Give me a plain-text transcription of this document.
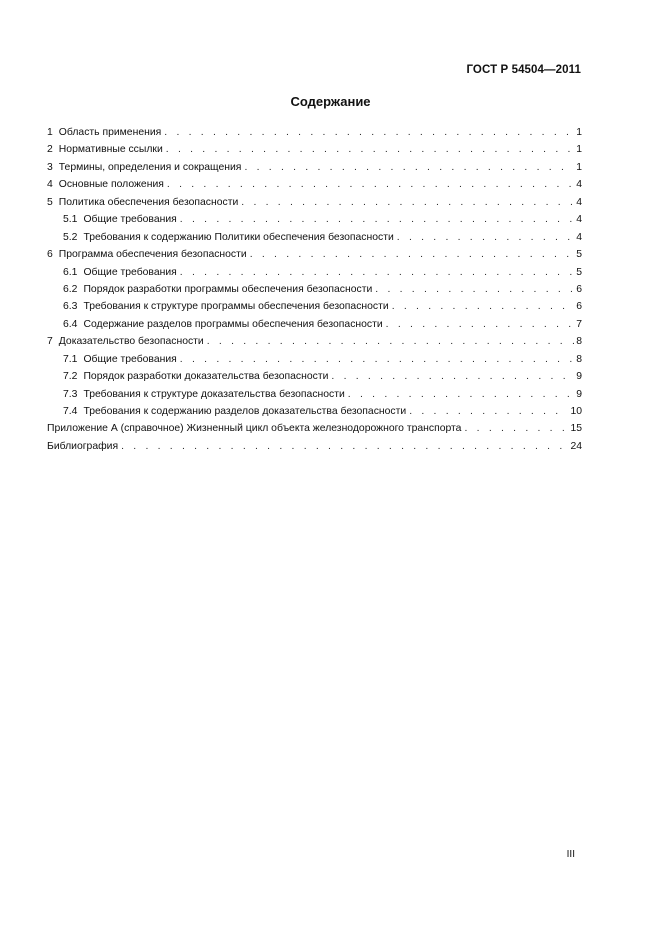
ГОСТ Р 54504—2011
Содержание
1 Область применения . . .	1
2 Нормативные ссылки . . .	1
3 Термины, определения и сокращения . . .	1
4 Основные положения . . .	4
5 Политика обеспечения безопасности . . .	4
5.1 Общие требования . . .	4
5.2 Требования к содержанию Политики обеспечения безопасности . . .	4
6 Программа обеспечения безопасности . . .	5
6.1 Общие требования . . .	5
6.2 Порядок разработки программы обеспечения безопасности . . .	6
6.3 Требования к структуре программы обеспечения безопасности . . .	6
6.4 Содержание разделов программы обеспечения безопасности . . .	7
7 Доказательство безопасности . . .	8
7.1 Общие требования . . .	8
7.2 Порядок разработки доказательства безопасности . . .	9
7.3 Требования к структуре доказательства безопасности . . .	9
7.4 Требования к содержанию разделов доказательства безопасности . . .	10
Приложение А (справочное) Жизненный цикл объекта железнодорожного транспорта . . .	15
Библиография . . .	24
III
